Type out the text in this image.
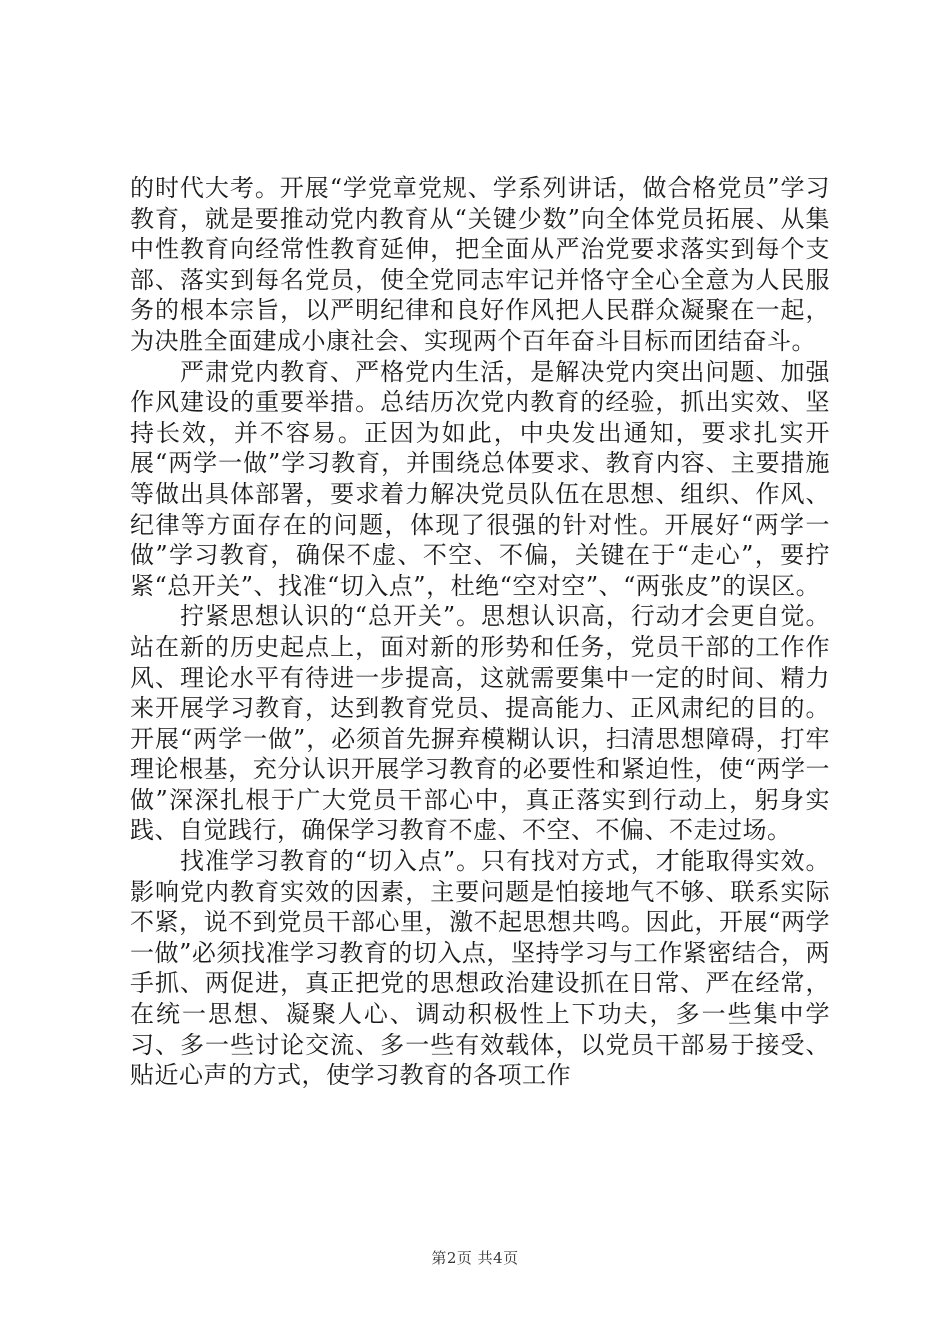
的时代大考。开展“学党章党规、学系列讲话，做合格党员”学习教育，就是要推动党内教育从“关键少数”向全体党员拓展、从集中性教育向经常性教育延伸，把全面从严治党要求落实到每个支部、落实到每名党员，使全党同志牢记并恪守全心全意为人民服务的根本宗旨，以严明纪律和良好作风把人民群众凝聚在一起，为决胜全面建成小康社会、实现两个百年奋斗目标而团结奋斗。

严肃党内教育、严格党内生活，是解决党内突出问题、加强作风建设的重要举措。总结历次党内教育的经验，抓出实效、坚持长效，并不容易。正因为如此，中央发出通知，要求扎实开展“两学一做”学习教育，并围绕总体要求、教育内容、主要措施等做出具体部署，要求着力解决党员队伍在思想、组织、作风、纪律等方面存在的问题，体现了很强的针对性。开展好“两学一做”学习教育，确保不虚、不空、不偏，关键在于“走心”，要拧紧“总开关”、找准“切入点”，杜绝“空对空”、“两张皮”的误区。

拧紧思想认识的“总开关”。思想认识高，行动才会更自觉。站在新的历史起点上，面对新的形势和任务，党员干部的工作作风、理论水平有待进一步提高，这就需要集中一定的时间、精力来开展学习教育，达到教育党员、提高能力、正风肃纪的目的。开展“两学一做”，必须首先摒弃模糊认识，扫清思想障碍，打牢理论根基，充分认识开展学习教育的必要性和紧迫性，使“两学一做”深深扎根于广大党员干部心中，真正落实到行动上，躬身实践、自觉践行，确保学习教育不虚、不空、不偏、不走过场。

找准学习教育的“切入点”。只有找对方式，才能取得实效。影响党内教育实效的因素，主要问题是怕接地气不够、联系实际不紧，说不到党员干部心里，激不起思想共鸣。因此，开展“两学一做”必须找准学习教育的切入点，坚持学习与工作紧密结合，两手抓、两促进，真正把党的思想政治建设抓在日常、严在经常，在统一思想、凝聚人心、调动积极性上下功夫，多一些集中学习、多一些讨论交流、多一些有效载体，以党员干部易于接受、贴近心声的方式，使学习教育的各项工作

第2页 共4页
